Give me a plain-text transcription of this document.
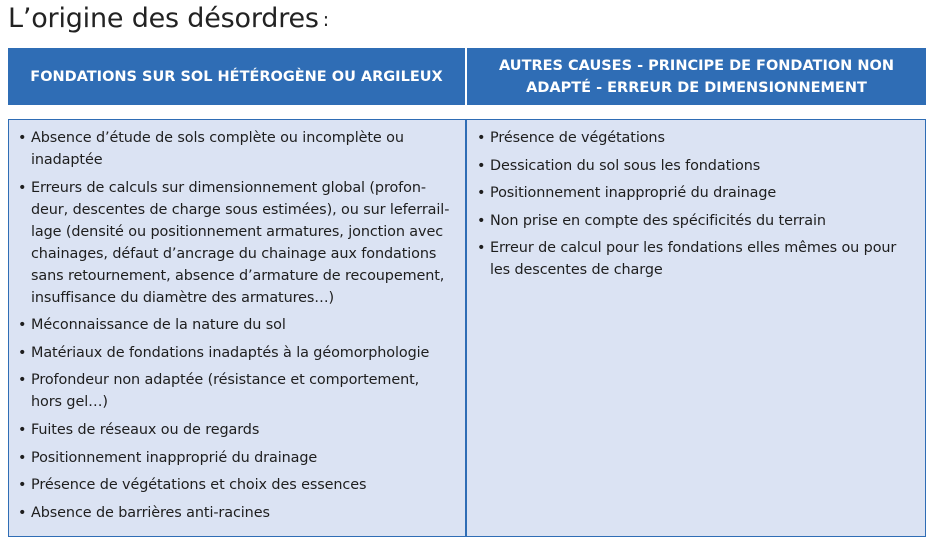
L’origine des désordres :
FONDATIONS SUR SOL HÉTÉROGÈNE OU ARGILEUX
AUTRES CAUSES - PRINCIPE DE FONDATION NON ADAPTÉ - ERREUR DE DIMENSIONNEMENT
• Absence d’étude de sols complète ou incomplète ou inadaptée
• Erreurs de calculs sur dimensionnement global (profon-deur, descentes de charge sous estimées), ou sur leferrail-lage (densité ou positionnement armatures, jonction avec chainages, défaut d’ancrage du chainage aux fondations sans retournement, absence d’armature de recoupement, insuffisance du diamètre des armatures…)
• Méconnaissance de la nature du sol
• Matériaux de fondations inadaptés à la géomorphologie
• Profondeur non adaptée (résistance et comportement, hors gel…)
• Fuites de réseaux ou de regards
• Positionnement inapproprié du drainage
• Présence de végétations et choix des essences
• Absence de barrières anti-racines
• Présence de végétations
• Dessication du sol sous les fondations
• Positionnement inapproprié du drainage
• Non prise en compte des spécificités du terrain
• Erreur de calcul pour les fondations elles mêmes ou pour les descentes de charge
